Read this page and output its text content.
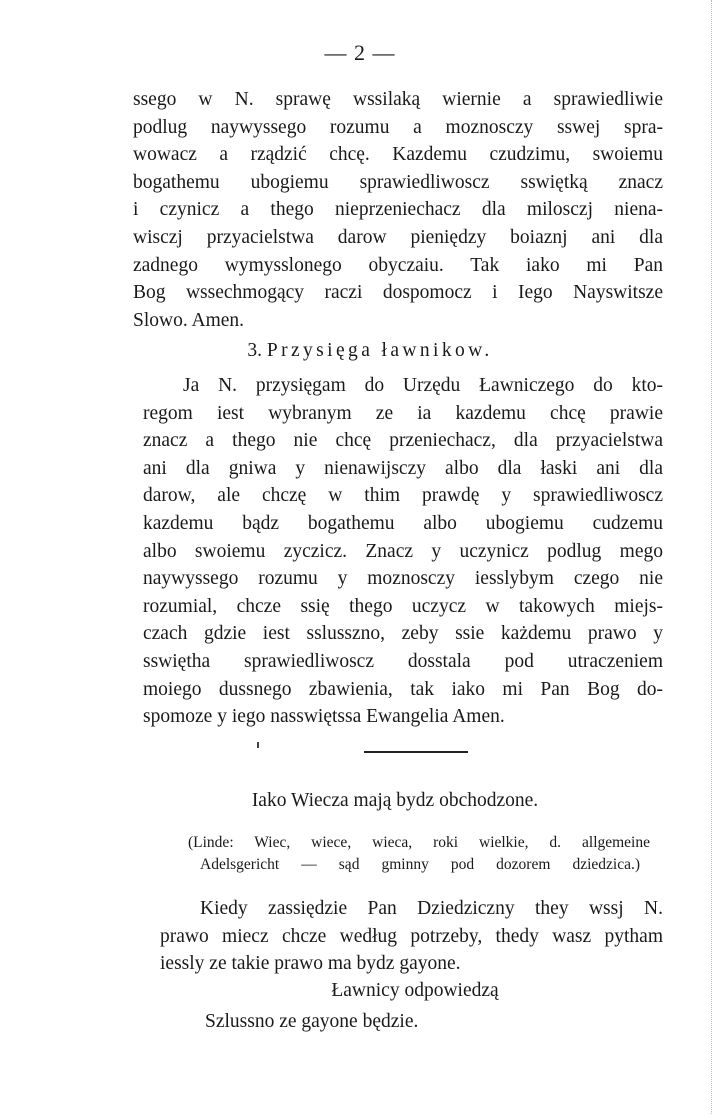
— 2 —
ssego w N. sprawę wssilaką wiernie a sprawiedliwie
podlug naywyssego rozumu a moznosczy sswej spra-
wowacz a rządzić chcę. Kazdemu czudzimu, swoiemu
bogathemu ubogiemu sprawiedliwoscz sswiętką znacz
i czynicz a thego nieprzeniechacz dla milosczj niena-
wisczj przyacielstwa darow pieniędzy boiaznj ani dla
zadnego wymysslonego obyczaiu. Tak iako mi Pan
Bog wssechmogący raczi dospomocz i Iego Nayswitsze
Slowo. Amen.
3. Przysięga ławnikow.
Ja N. przysięgam do Urzędu Ławniczego do kto-
regom iest wybranym ze ia kazdemu chcę prawie
znacz a thego nie chcę przeniechacz, dla przyacielstwa
ani dla gniwa y nienawijsczy albo dla łaski ani dla
darow, ale chczę w thim prawdę y sprawiedliwoscz
kazdemu bądz bogathemu albo ubogiemu cudzemu
albo swoiemu zyczicz. Znacz y uczynicz podlug mego
naywyssego rozumu y moznosczy iesslybym czego nie
rozumial, chcze ssię thego uczycz w takowych miejs-
czach gdzie iest sslusszno, zeby ssie każdemu prawo y
sswiętha sprawiedliwoscz dosstala pod utraczeniem
moiego dussnego zbawienia, tak iako mi Pan Bog do-
spomoze y iego nasswiętssa Ewangelia Amen.
Iako Wiecza mają bydz obchodzone.
(Linde: Wiec, wiece, wieca, roki wielkie, d. allgemeine
Adelsgericht — sąd gminny pod dozorem dziedzica.)
Kiedy zassiędzie Pan Dziedziczny they wssj N.
prawo miecz chcze według potrzeby, thedy wasz pytham
iessly ze takie prawo ma bydz gayone.
Ławnicy odpowiedzą
Szlussno ze gayone będzie.
